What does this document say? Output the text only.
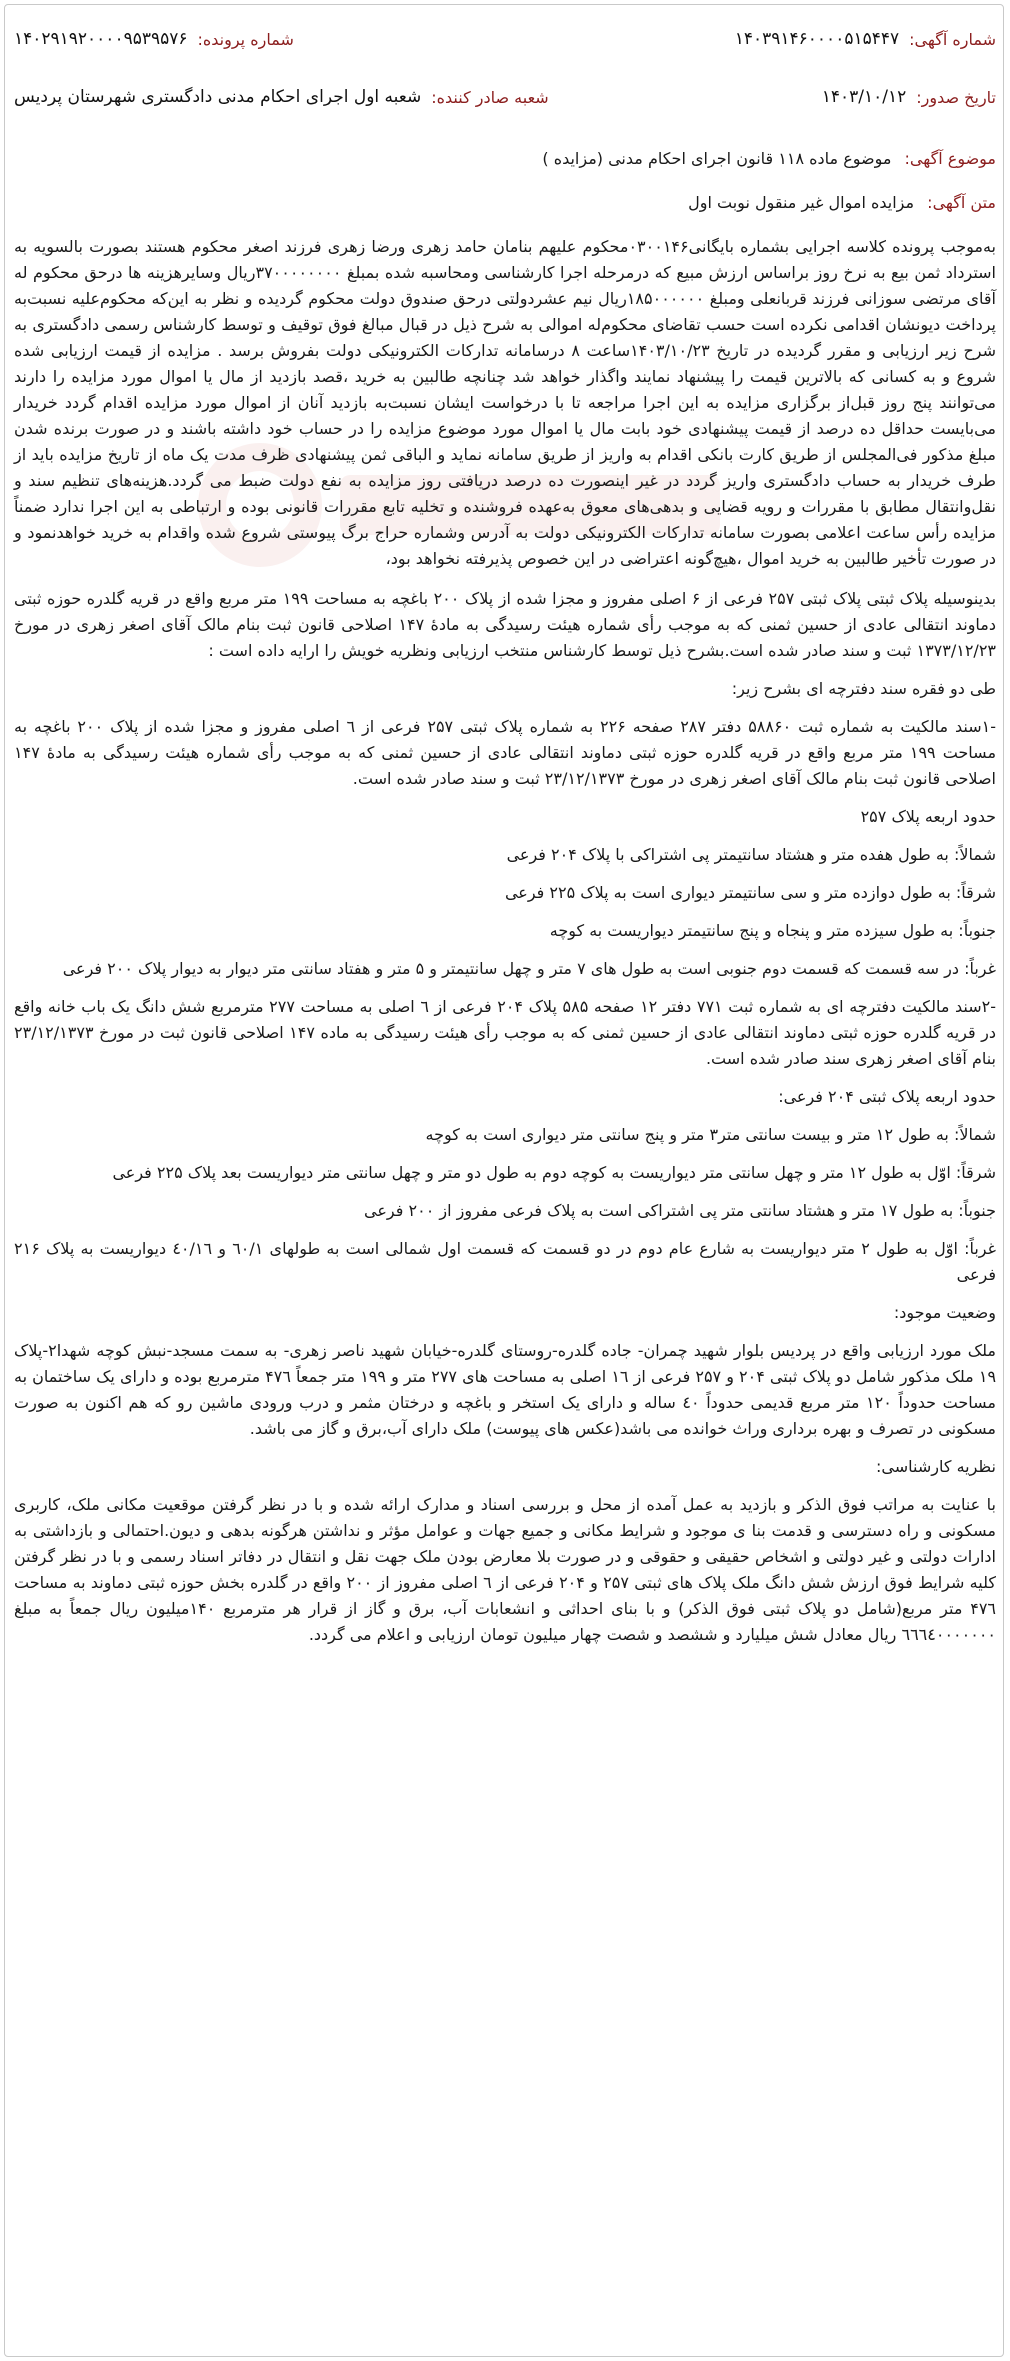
شماره آگهی:
۱۴۰۳۹۱۴۶۰۰۰۰۵۱۵۴۴۷
شماره پرونده:
۱۴۰۲۹۱۹۲۰۰۰۰۹۵۳۹۵۷۶
تاریخ صدور:
۱۴۰۳/۱۰/۱۲
شعبه صادر کننده:
شعبه اول اجرای احکام مدنی دادگستری شهرستان پردیس
موضوع آگهی: موضوع ماده ۱۱۸ قانون اجرای احکام مدنی (مزایده )
متن آگهی: مزایده اموال غیر منقول نوبت اول

به‌موجب پرونده کلاسه اجرایی بشماره بایگانی۰۳۰۰۱۴۶محکوم علیهم بنامان حامد زهری ورضا زهری فرزند اصغر محکوم هستند بصورت بالسویه به استرداد ثمن بیع به نرخ روز براساس ارزش مبیع که درمرحله اجرا کارشناسی ومحاسبه شده بمبلغ ۳۷۰۰۰۰۰۰۰۰ریال وسایرهزینه ها درحق محکوم له آقای مرتضی سوزانی فرزند قربانعلی ومبلغ ۱۸۵۰۰۰۰۰۰ریال نیم عشردولتی درحق صندوق دولت محکوم گردیده و نظر به این‌که محکوم‌علیه نسبت‌به پرداخت دیونشان اقدامی نکرده است حسب تقاضای محکوم‌له اموالی به شرح ذیل در قبال مبالغ فوق توقیف و توسط کارشناس رسمی دادگستری به شرح زیر ارزیابی و مقرر گردیده در تاریخ ۱۴۰۳/۱۰/۲۳ساعت ۸ درسامانه تدارکات الکترونیکی دولت بفروش برسد . مزایده از قیمت ارزیابی شده شروع و به کسانی که بالاترین قیمت را پیشنهاد نمایند واگذار خواهد شد چنانچه طالبین به خرید ،قصد بازدید از مال یا اموال مورد مزایده را دارند می‌توانند پنج روز قبل‌از برگزاری مزایده به این اجرا مراجعه تا با درخواست ایشان نسبت‌به بازدید آنان از اموال مورد مزایده اقدام گردد خریدار می‌بایست حداقل ده درصد از قیمت پیشنهادی خود بابت مال یا اموال مورد موضوع مزایده را در حساب خود داشته باشند و در صورت برنده شدن مبلغ مذکور فی‌المجلس از طریق کارت بانکی اقدام به واریز از طریق سامانه نماید و الباقی ثمن پیشنهادی ظرف مدت یک ماه از تاریخ مزایده باید از طرف خریدار به حساب دادگستری واریز گردد در غیر اینصورت ده درصد دریافتی روز مزایده به نفع دولت ضبط می گردد.هزینه‌های تنظیم سند و نقل‌وانتقال مطابق با مقررات و رویه قضایی و بدهی‌های معوق به‌عهده فروشنده و تخلیه تابع مقررات قانونی بوده و ارتباطی به این اجرا ندارد ضمناً مزایده رأس ساعت اعلامی بصورت سامانه تدارکات الکترونیکی دولت به آدرس وشماره حراج برگ پیوستی شروع شده واقدام به خرید خواهدنمود و در صورت تأخیر طالبین به خرید اموال ،هیچ‌گونه اعتراضی در این خصوص پذیرفته نخواهد بود،

بدینوسیله پلاک ثبتی پلاک ثبتی ۲۵۷ فرعی از ۶ اصلی مفروز و مجزا شده از پلاک ۲۰۰ باغچه به مساحت ۱۹۹ متر مربع واقع در قریه گلدره حوزه ثبتی دماوند انتقالی عادی از حسین ثمنی که به موجب رأی شماره هیئت رسیدگی به مادهٔ ۱۴۷ اصلاحی قانون ثبت بنام مالک آقای اصغر زهری در مورخ ۱۳۷۳/۱۲/۲۳ ثبت و سند صادر شده است.بشرح ذیل توسط کارشناس منتخب ارزیابی ونظریه خویش را ارایه داده است :

طی دو فقره سند دفترچه ای بشرح زیر:

-۱سند مالکیت به شماره ثبت ۵۸۸۶۰ دفتر ۲۸۷ صفحه ۲۲۶ به شماره پلاک ثبتی ۲۵۷ فرعی از ٦ اصلی مفروز و مجزا شده از پلاک ۲۰۰ باغچه به مساحت ۱۹۹ متر مربع واقع در قریه گلدره حوزه ثبتی دماوند انتقالی عادی از حسین ثمنی که به موجب رأی شماره هیئت رسیدگی به مادهٔ ۱۴۷ اصلاحی قانون ثبت بنام مالک آقای اصغر زهری در مورخ ۲۳/۱۲/۱۳۷۳ ثبت و سند صادر شده است.

حدود اربعه پلاک ۲۵۷

شمالاً: به طول هفده متر و هشتاد سانتیمتر پی اشتراکی با پلاک ۲۰۴ فرعی

شرقاً: به طول دوازده متر و سی سانتیمتر دیواری است به پلاک ۲۲۵ فرعی

جنوباً: به طول سیزده متر و پنجاه و پنج سانتیمتر دیواریست به کوچه

غرباً: در سه قسمت که قسمت دوم جنوبی است به طول های ۷ متر و چهل سانتیمتر و ۵ متر و هفتاد سانتی متر دیوار به دیوار پلاک ۲۰۰ فرعی

-۲سند مالکیت دفترچه ای به شماره ثبت ۷۷۱ دفتر ۱۲ صفحه ۵۸۵ پلاک ۲۰۴ فرعی از ٦ اصلی به مساحت ۲۷۷ مترمربع شش دانگ یک باب خانه واقع در قریه گلدره حوزه ثبتی دماوند انتقالی عادی از حسین ثمنی که به موجب رأی هیئت رسیدگی به ماده ۱۴۷ اصلاحی قانون ثبت در مورخ ۲۳/۱۲/۱۳۷۳ بنام آقای اصغر زهری سند صادر شده است.

حدود اربعه پلاک ثبتی ۲۰۴ فرعی:

شمالاً: به طول ۱۲ متر و بیست سانتی متر۳ متر و پنج سانتی متر دیواری است به کوچه

شرقاً: اوّل به طول ۱۲ متر و چهل سانتی متر دیواریست به کوچه دوم به طول دو متر و چهل سانتی متر دیواریست بعد پلاک ۲۲۵ فرعی

جنوباً: به طول ۱۷ متر و هشتاد سانتی متر پی اشتراکی است به پلاک فرعی مفروز از ۲۰۰ فرعی

غرباً: اوّل به طول ۲ متر دیواریست به شارع عام دوم در دو قسمت که قسمت اول شمالی است به طولهای ٦۰/۱ و ٤۰/١٦ دیواریست به پلاک ۲۱۶ فرعی

وضعیت موجود:

ملک مورد ارزیابی واقع در پردیس بلوار شهید چمران- جاده گلدره-روستای گلدره-خیابان شهید ناصر زهری- به سمت مسجد-نبش کوچه شهدا۲-پلاک ۱۹ ملک مذکور شامل دو پلاک ثبتی ۲۰۴ و ۲۵۷ فرعی از ۱٦ اصلی به مساحت های ۲۷۷ متر و ۱۹۹ متر جمعاً ۴۷٦ مترمربع بوده و دارای یک ساختمان به مساحت حدوداً ۱۲۰ متر مربع قدیمی حدوداً ٤۰ ساله و دارای یک استخر و باغچه و درختان مثمر و درب ورودی ماشین رو که هم اکنون به صورت مسکونی در تصرف و بهره برداری وراث خوانده می باشد(عکس های پیوست) ملک دارای آب،برق و گاز می باشد.

نظریه کارشناسی:

با عنایت به مراتب فوق الذکر و بازدید به عمل آمده از محل و بررسی اسناد و مدارک ارائه شده و با در نظر گرفتن موقعیت مکانی ملک، کاربری مسکونی و راه دسترسی و قدمت بنا ی موجود و شرایط مکانی و جمیع جهات و عوامل مؤثر و نداشتن هرگونه بدهی و دیون.احتمالی و بازداشتی به ادارات دولتی و غیر دولتی و اشخاص حقیقی و حقوقی و در صورت بلا معارض بودن ملک جهت نقل و انتقال در دفاتر اسناد رسمی و با در نظر گرفتن کلیه شرایط فوق ارزش شش دانگ ملک پلاک های ثبتی ۲۵۷ و ۲۰۴ فرعی از ٦ اصلی مفروز از ۲۰۰ واقع در گلدره بخش حوزه ثبتی دماوند به مساحت ۴۷٦ متر مربع(شامل دو پلاک ثبتی فوق الذکر) و با بنای احداثی و انشعابات آب، برق و گاز از قرار هر مترمربع ۱۴۰میلیون ریال جمعاً به مبلغ ٦٦٦٤۰۰۰۰۰۰۰ ریال معادل شش میلیارد و ششصد و شصت چهار میلیون تومان ارزیابی و اعلام می گردد.
